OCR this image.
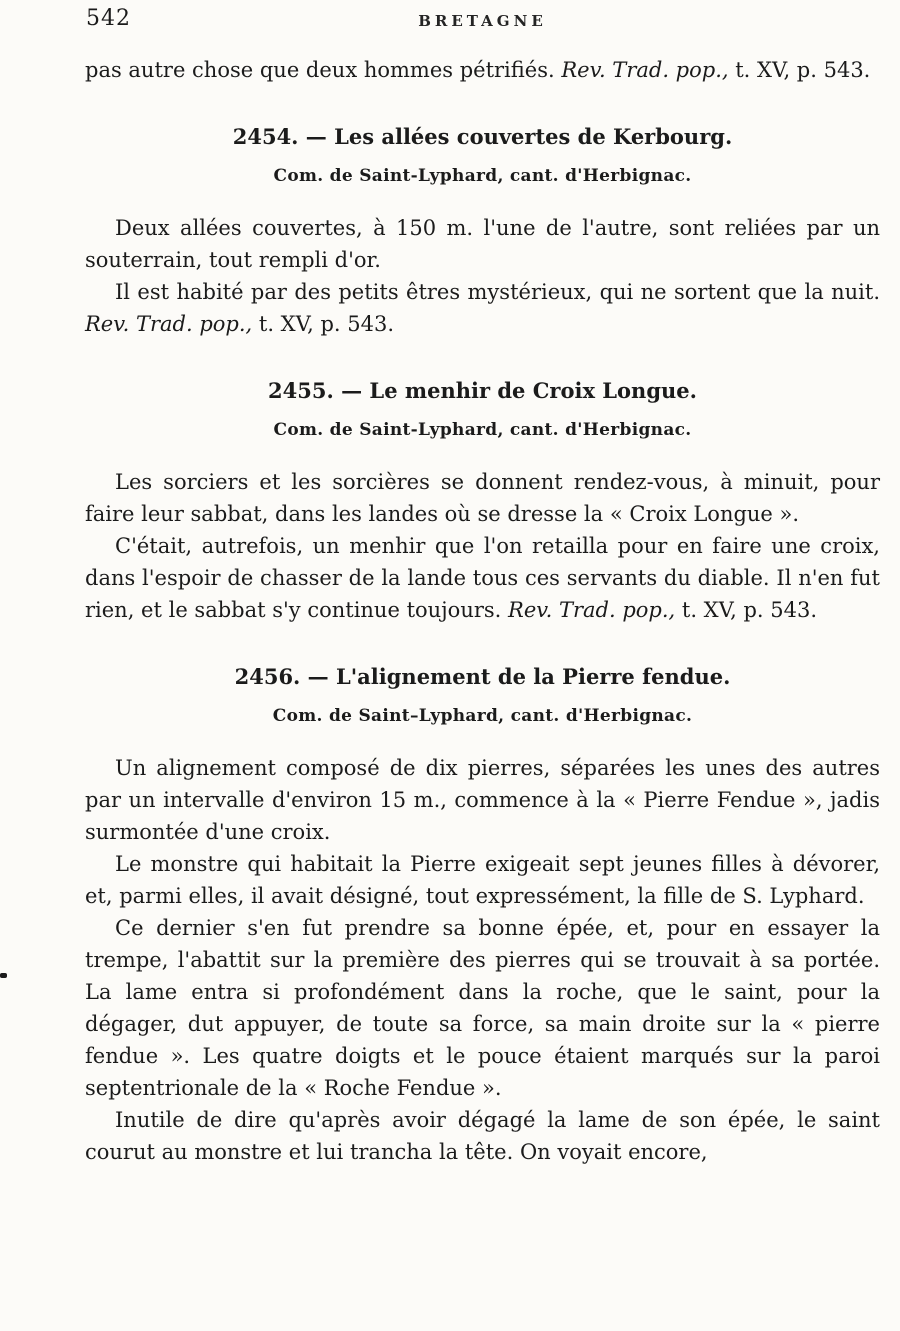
542	BRETAGNE

pas autre chose que deux hommes pétrifiés. Rev. Trad. pop., t. XV, p. 543.

2454. — Les allées couvertes de Kerbourg.
Com. de Saint-Lyphard, cant. d'Herbignac.

Deux allées couvertes, à 150 m. l'une de l'autre, sont reliées par un souterrain, tout rempli d'or.

Il est habité par des petits êtres mystérieux, qui ne sortent que la nuit. Rev. Trad. pop., t. XV, p. 543.

2455. — Le menhir de Croix Longue.
Com. de Saint-Lyphard, cant. d'Herbignac.

Les sorciers et les sorcières se donnent rendez-vous, à minuit, pour faire leur sabbat, dans les landes où se dresse la « Croix Longue ».

C'était, autrefois, un menhir que l'on retailla pour en faire une croix, dans l'espoir de chasser de la lande tous ces servants du diable. Il n'en fut rien, et le sabbat s'y continue toujours. Rev. Trad. pop., t. XV, p. 543.

2456. — L'alignement de la Pierre fendue.
Com. de Saint–Lyphard, cant. d'Herbignac.

Un alignement composé de dix pierres, séparées les unes des autres par un intervalle d'environ 15 m., commence à la « Pierre Fendue », jadis surmontée d'une croix.

Le monstre qui habitait la Pierre exigeait sept jeunes filles à dévorer, et, parmi elles, il avait désigné, tout expressément, la fille de S. Lyphard.

Ce dernier s'en fut prendre sa bonne épée, et, pour en essayer la trempe, l'abattit sur la première des pierres qui se trouvait à sa portée. La lame entra si profondément dans la roche, que le saint, pour la dégager, dut appuyer, de toute sa force, sa main droite sur la « pierre fendue ». Les quatre doigts et le pouce étaient marqués sur la paroi septentrionale de la « Roche Fendue ».

Inutile de dire qu'après avoir dégagé la lame de son épée, le saint courut au monstre et lui trancha la tête. On voyait encore,
